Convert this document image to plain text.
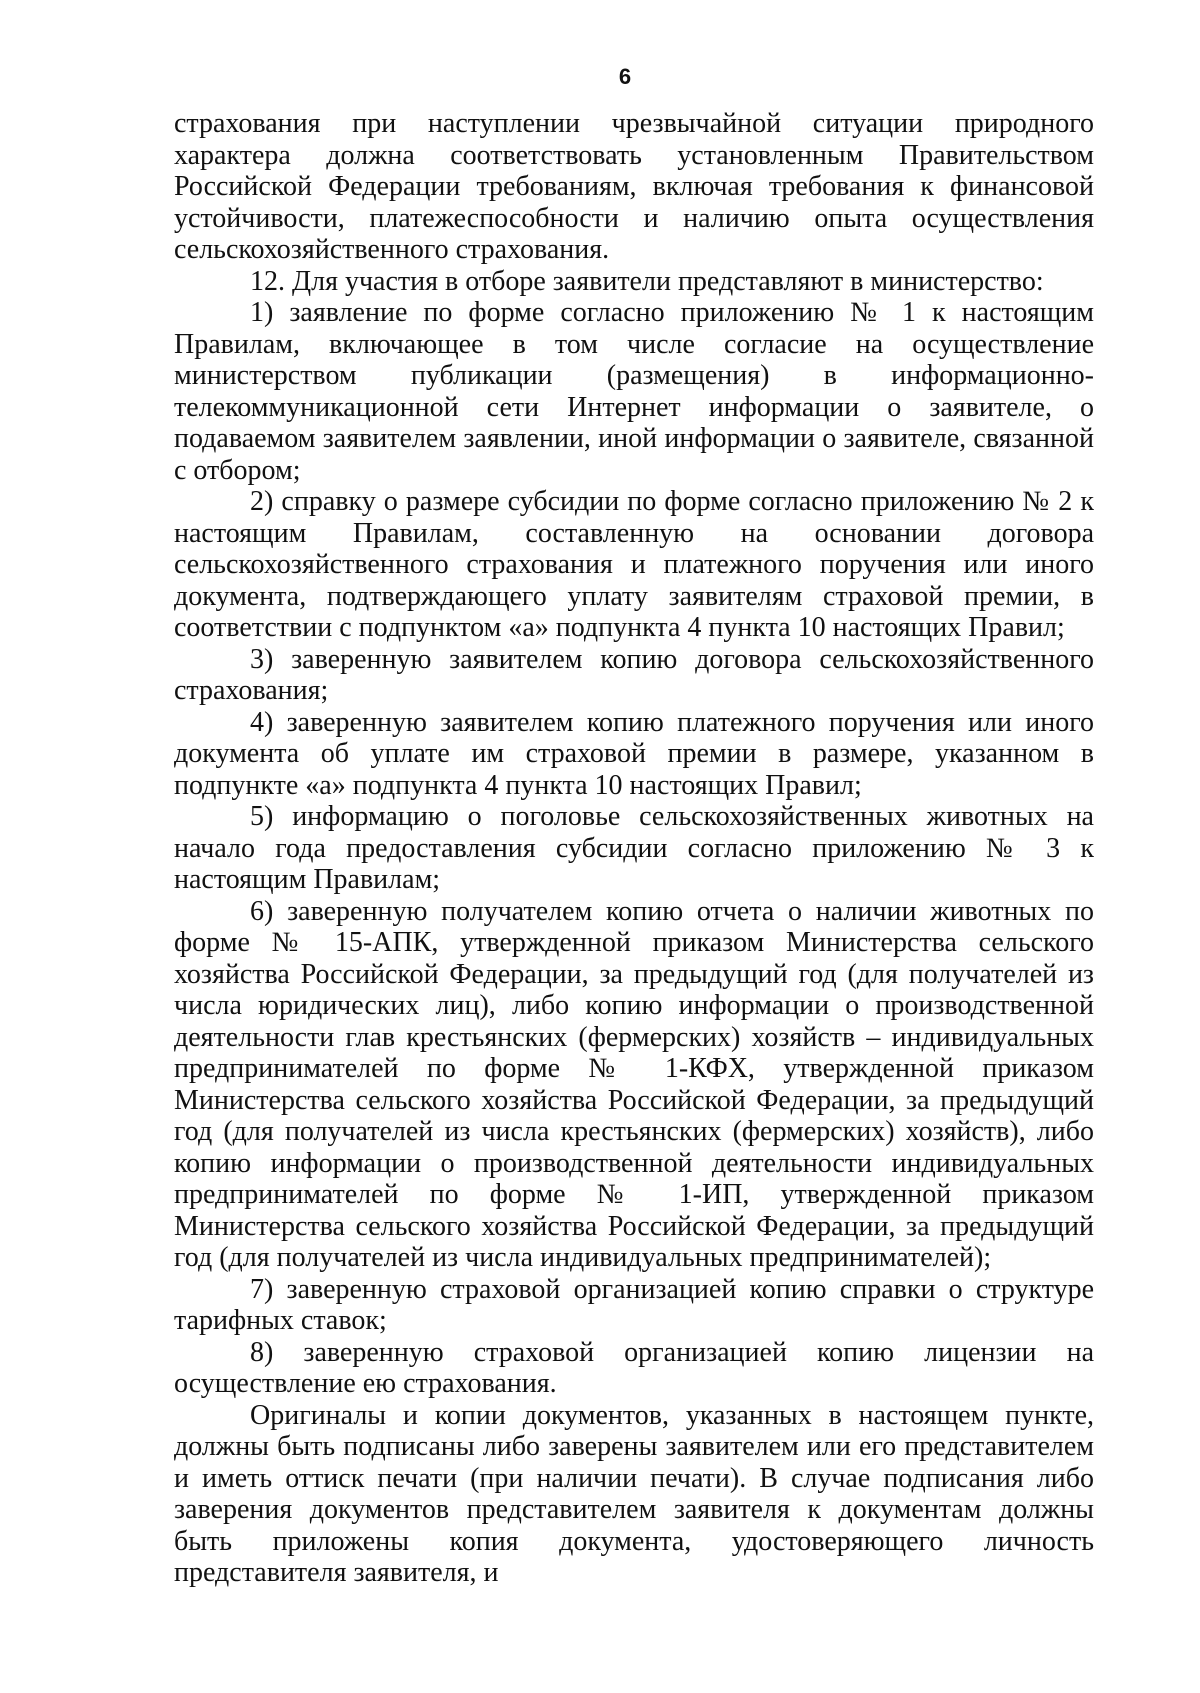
6

страхования при наступлении чрезвычайной ситуации природного характера должна соответствовать установленным Правительством Российской Федерации требованиям, включая требования к финансовой устойчивости, платежеспособности и наличию опыта осуществления сельскохозяйственного страхования.

12. Для участия в отборе заявители представляют в министерство:

1) заявление по форме согласно приложению № 1 к настоящим Правилам, включающее в том числе согласие на осуществление министерством публикации (размещения) в информационно-телекоммуникационной сети Интернет информации о заявителе, о подаваемом заявителем заявлении, иной информации о заявителе, связанной с отбором;

2) справку о размере субсидии по форме согласно приложению № 2 к настоящим Правилам, составленную на основании договора сельскохозяйственного страхования и платежного поручения или иного документа, подтверждающего уплату заявителям страховой премии, в соответствии с подпунктом «а» подпункта 4 пункта 10 настоящих Правил;

3) заверенную заявителем копию договора сельскохозяйственного страхования;

4) заверенную заявителем копию платежного поручения или иного документа об уплате им страховой премии в размере, указанном в подпункте «а» подпункта 4 пункта 10 настоящих Правил;

5) информацию о поголовье сельскохозяйственных животных на начало года предоставления субсидии согласно приложению № 3 к настоящим Правилам;

6) заверенную получателем копию отчета о наличии животных по форме № 15-АПК, утвержденной приказом Министерства сельского хозяйства Российской Федерации, за предыдущий год (для получателей из числа юридических лиц), либо копию информации о производственной деятельности глав крестьянских (фермерских) хозяйств – индивидуальных предпринимателей по форме № 1-КФХ, утвержденной приказом Министерства сельского хозяйства Российской Федерации, за предыдущий год (для получателей из числа крестьянских (фермерских) хозяйств), либо копию информации о производственной деятельности индивидуальных предпринимателей по форме № 1-ИП, утвержденной приказом Министерства сельского хозяйства Российской Федерации, за предыдущий год (для получателей из числа индивидуальных предпринимателей);

7) заверенную страховой организацией копию справки о структуре тарифных ставок;

8) заверенную страховой организацией копию лицензии на осуществление ею страхования.

Оригиналы и копии документов, указанных в настоящем пункте, должны быть подписаны либо заверены заявителем или его представителем и иметь оттиск печати (при наличии печати). В случае подписания либо заверения документов представителем заявителя к документам должны быть приложены копия документа, удостоверяющего личность представителя заявителя, и
